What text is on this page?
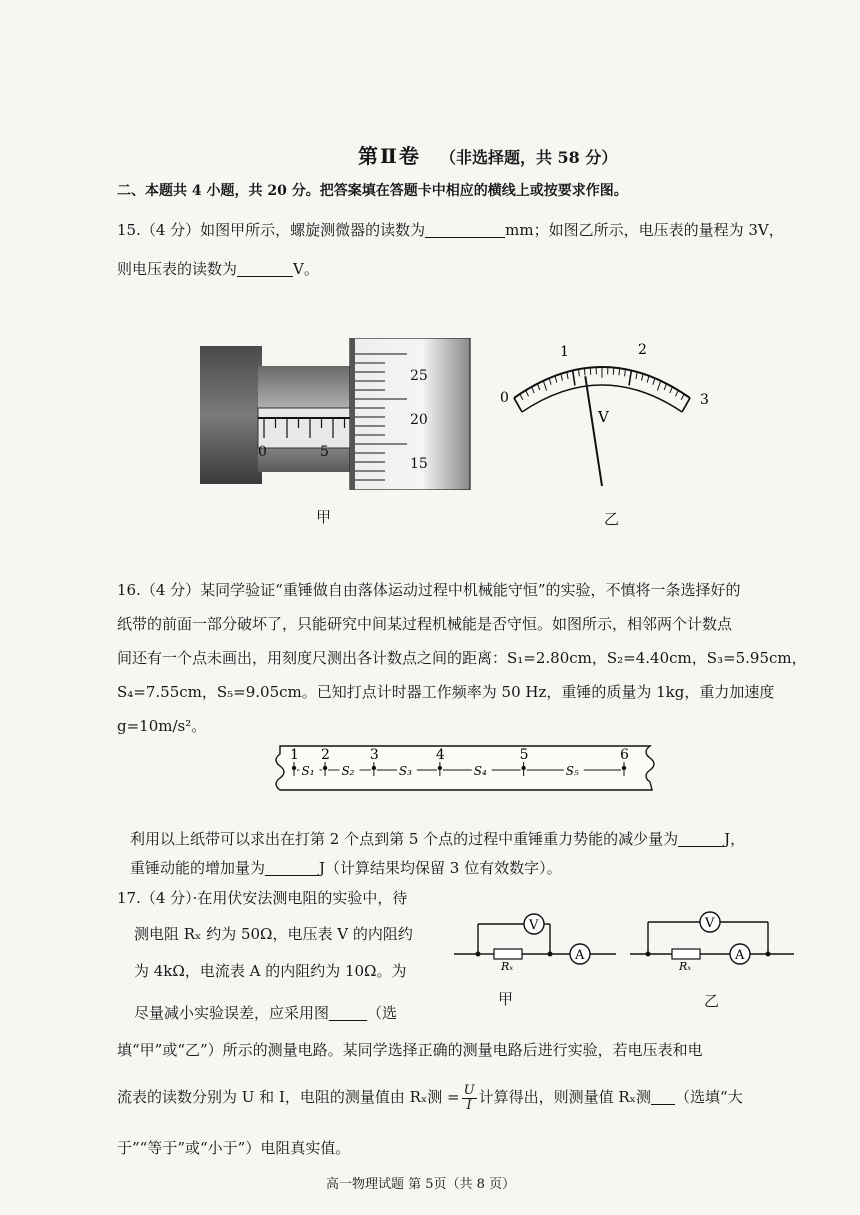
第Ⅱ卷 （非选择题，共 58 分）
二、本题共 4 小题，共 20 分。把答案填在答题卡中相应的横线上或按要求作图。
15.（4 分）如图甲所示，螺旋测微器的读数为	mm；如图乙所示，电压表的量程为 3V，
则电压表的读数为	V。
0	5
25
20
15
甲
0
1	2
3
V
乙
16.（4 分）某同学验证“重锤做自由落体运动过程中机械能守恒”的实验，不慎将一条选择好的
纸带的前面一部分破坏了，只能研究中间某过程机械能是否守恒。如图所示，相邻两个计数点
间还有一个点未画出，用刻度尺测出各计数点之间的距离：S₁=2.80cm，S₂=4.40cm，S₃=5.95cm，
S₄=7.55cm，S₅=9.05cm。已知打点计时器工作频率为 50 Hz，重锤的质量为 1kg，重力加速度
g=10m/s²。
1 2	3	4	5	6
S₁ S₂	S₃	S₄	S₅
利用以上纸带可以求出在打第 2 个点到第 5 个点的过程中重锤重力势能的减少量为	J，
重锤动能的增加量为	J（计算结果均保留 3 位有效数字）。
17.（4 分）·在用伏安法测电阻的实验中，待
测电阻 Rₓ 约为 50Ω，电压表 V 的内阻约
为 4kΩ，电流表 A 的内阻约为 10Ω。为
尽量减小实验误差，应采用图	（选
填“甲”或“乙”）所示的测量电路。某同学选择正确的测量电路后进行实验，若电压表和电
流表的读数分别为 U 和 I，电阻的测量值由 Rₓ测 = $\frac{U}{I}$ 计算得出，则测量值 Rₓ测 （选填“大
于”“等于”或“小于”）电阻真实值。
V
A
Rₓ
甲
V
A
Rₓ
乙
高一物理试题 第 5页（共 8 页）
